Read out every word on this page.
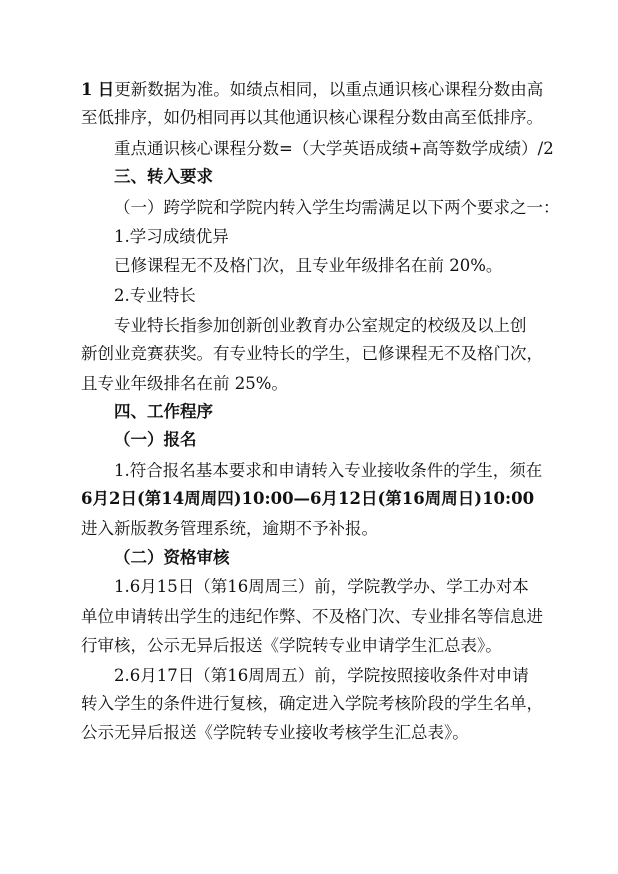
1 日更新数据为准。如绩点相同，以重点通识核心课程分数由高
至低排序，如仍相同再以其他通识核心课程分数由高至低排序。
重点通识核心课程分数=（大学英语成绩+高等数学成绩）/2
三、转入要求
（一）跨学院和学院内转入学生均需满足以下两个要求之一：
1.学习成绩优异
已修课程无不及格门次，且专业年级排名在前 20%。
2.专业特长
专业特长指参加创新创业教育办公室规定的校级及以上创
新创业竞赛获奖。有专业特长的学生，已修课程无不及格门次，
且专业年级排名在前 25%。
四、工作程序
（一）报名
1.符合报名基本要求和申请转入专业接收条件的学生，须在
6月2日(第14周周四)10:00—6月12日(第16周周日)10:00
进入新版教务管理系统，逾期不予补报。
（二）资格审核
1.6月15日（第16周周三）前，学院教学办、学工办对本
单位申请转出学生的违纪作弊、不及格门次、专业排名等信息进
行审核，公示无异后报送《学院转专业申请学生汇总表》。
2.6月17日（第16周周五）前，学院按照接收条件对申请
转入学生的条件进行复核，确定进入学院考核阶段的学生名单，
公示无异后报送《学院转专业接收考核学生汇总表》。
